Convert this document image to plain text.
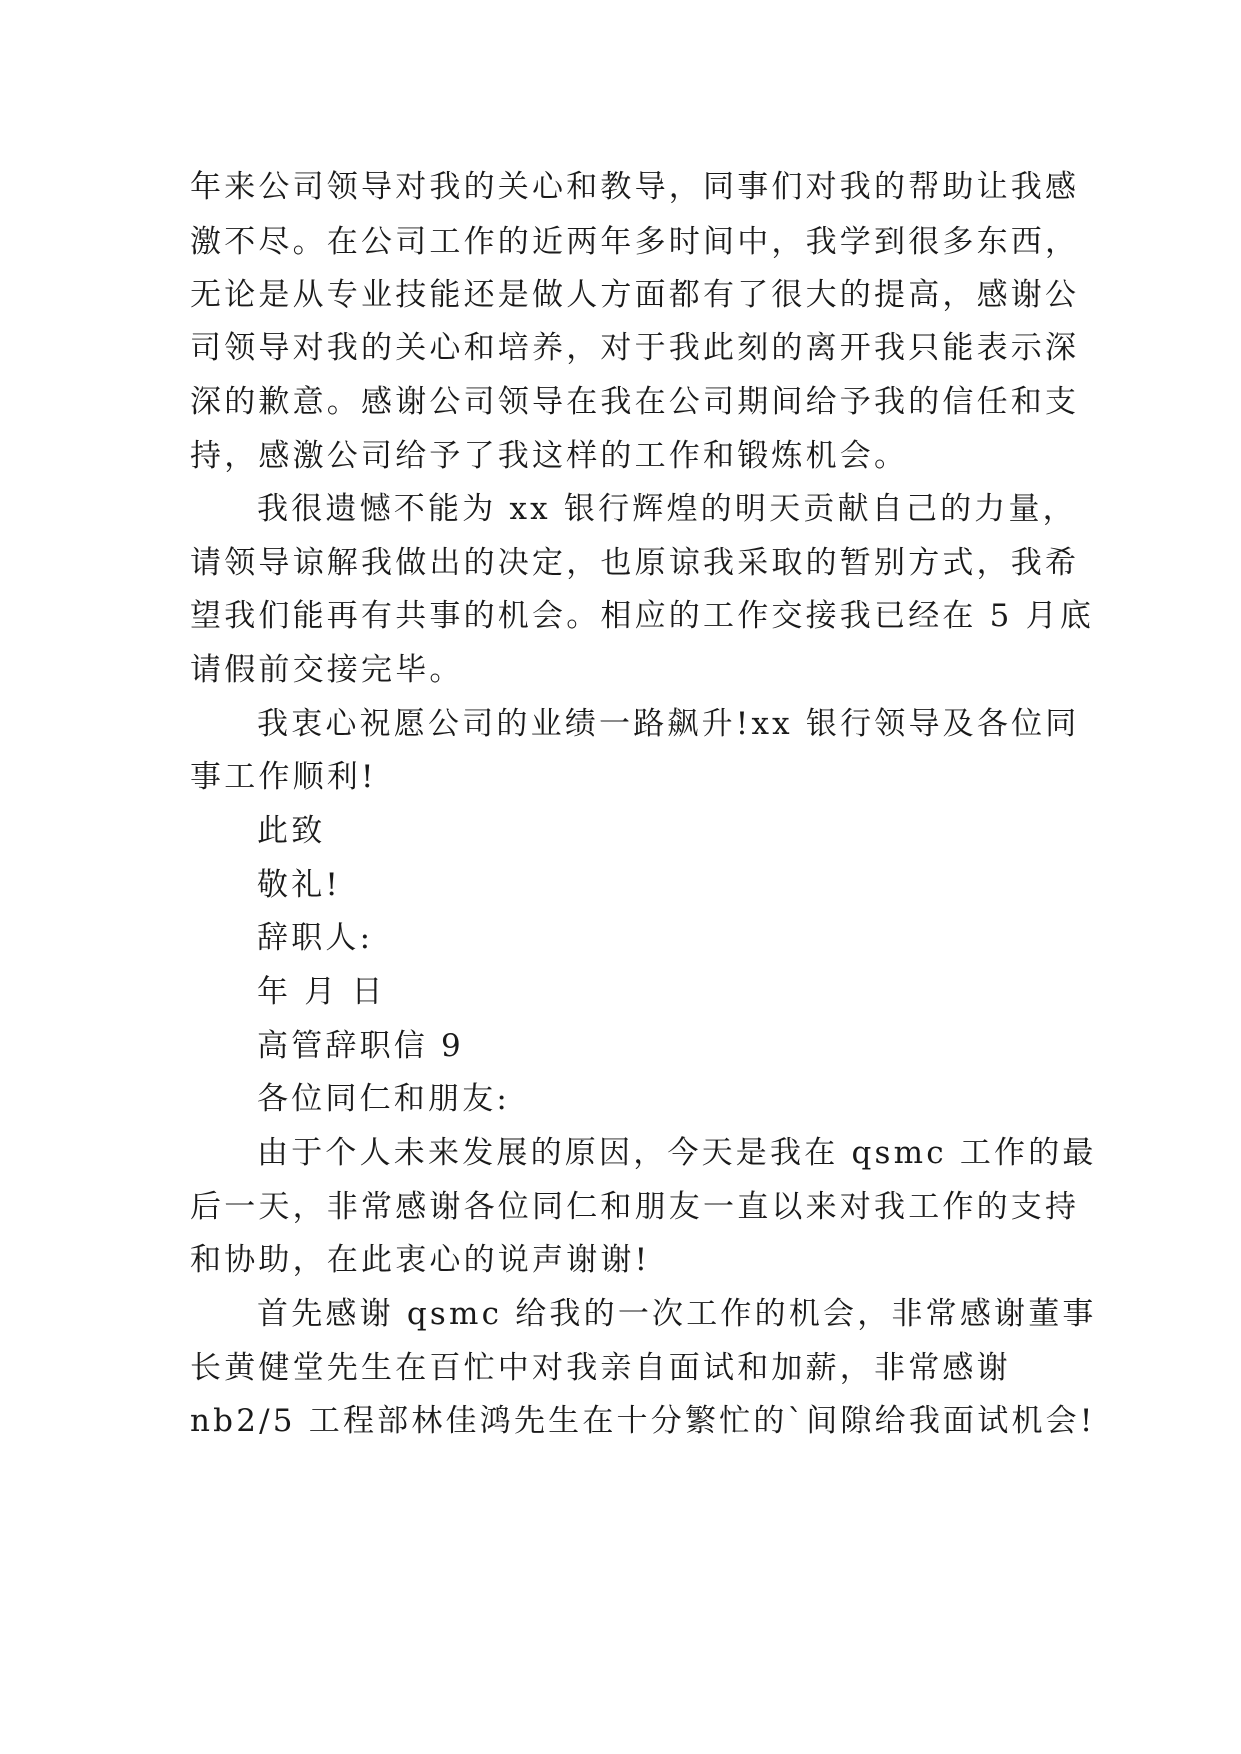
年来公司领导对我的关心和教导，同事们对我的帮助让我感
激不尽。在公司工作的近两年多时间中，我学到很多东西，
无论是从专业技能还是做人方面都有了很大的提高，感谢公
司领导对我的关心和培养，对于我此刻的离开我只能表示深
深的歉意。感谢公司领导在我在公司期间给予我的信任和支
持，感激公司给予了我这样的工作和锻炼机会。
我很遗憾不能为 xx 银行辉煌的明天贡献自己的力量，
请领导谅解我做出的决定，也原谅我采取的暂别方式，我希
望我们能再有共事的机会。相应的工作交接我已经在 5 月底
请假前交接完毕。
我衷心祝愿公司的业绩一路飙升!xx 银行领导及各位同
事工作顺利!
此致
敬礼!
辞职人:
年 月 日
高管辞职信 9
各位同仁和朋友:
由于个人未来发展的原因，今天是我在 qsmc 工作的最
后一天，非常感谢各位同仁和朋友一直以来对我工作的支持
和协助，在此衷心的说声谢谢!
首先感谢 qsmc 给我的一次工作的机会，非常感谢董事
长黄健堂先生在百忙中对我亲自面试和加薪，非常感谢
nb2/5 工程部林佳鸿先生在十分繁忙的`间隙给我面试机会!
